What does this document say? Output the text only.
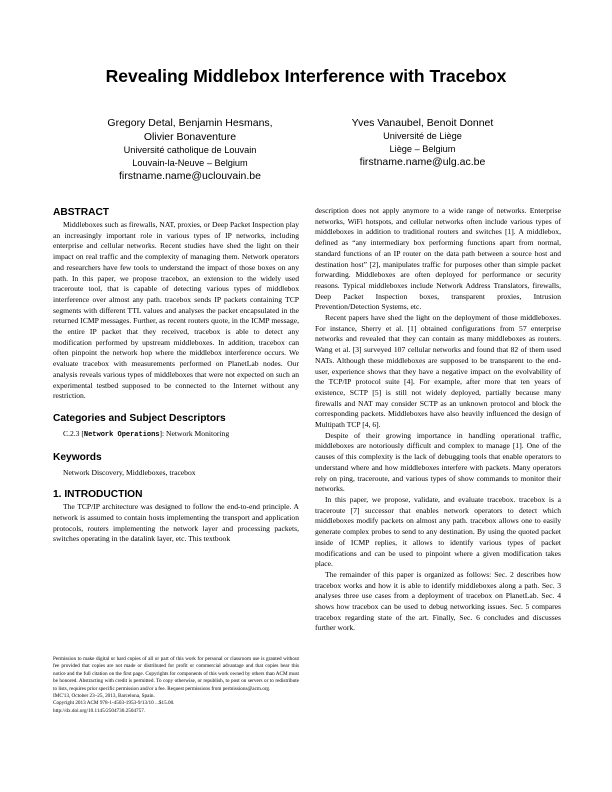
Revealing Middlebox Interference with Tracebox
Gregory Detal, Benjamin Hesmans,
Olivier Bonaventure
Université catholique de Louvain
Louvain-la-Neuve – Belgium
firstname.name@uclouvain.be
Yves Vanaubel, Benoit Donnet
Université de Liège
Liège – Belgium
firstname.name@ulg.ac.be
ABSTRACT

Middleboxes such as firewalls, NAT, proxies, or Deep Packet Inspection play an increasingly important role in various types of IP networks, including enterprise and cellular networks. Recent studies have shed the light on their impact on real traffic and the complexity of managing them. Network operators and researchers have few tools to understand the impact of those boxes on any path. In this paper, we propose tracebox, an extension to the widely used traceroute tool, that is capable of detecting various types of middlebox interference over almost any path. tracebox sends IP packets containing TCP segments with different TTL values and analyses the packet encapsulated in the returned ICMP messages. Further, as recent routers quote, in the ICMP message, the entire IP packet that they received, tracebox is able to detect any modification performed by upstream middleboxes. In addition, tracebox can often pinpoint the network hop where the middlebox interference occurs. We evaluate tracebox with measurements performed on PlanetLab nodes. Our analysis reveals various types of middleboxes that were not expected on such an experimental testbed supposed to be connected to the Internet without any restriction.

Categories and Subject Descriptors
C.2.3 [Network Operations]: Network Monitoring
Keywords
Network Discovery, Middleboxes, tracebox
1. INTRODUCTION

The TCP/IP architecture was designed to follow the end-to-end principle. A network is assumed to contain hosts implementing the transport and application protocols, routers implementing the network layer and processing packets, switches operating in the datalink layer, etc. This textbook

Permission to make digital or hard copies of all or part of this work for personal or classroom use is granted without fee provided that copies are not made or distributed for profit or commercial advantage and that copies bear this notice and the full citation on the first page. Copyrights for components of this work owned by others than ACM must be honored. Abstracting with credit is permitted. To copy otherwise, or republish, to post on servers or to redistribute to lists, requires prior specific permission and/or a fee. Request permissions from permissions@acm.org.

IMC'13, October 23–25, 2013, Barcelona, Spain.

Copyright 2013 ACM 978-1-4503-1953-9/13/10 ...$15.00.

http://dx.doi.org/10.1145/2504730.2504757.

description does not apply anymore to a wide range of networks. Enterprise networks, WiFi hotspots, and cellular networks often include various types of middleboxes in addition to traditional routers and switches [1]. A middlebox, defined as “any intermediary box performing functions apart from normal, standard functions of an IP router on the data path between a source host and destination host” [2], manipulates traffic for purposes other than simple packet forwarding. Middleboxes are often deployed for performance or security reasons. Typical middleboxes include Network Address Translators, firewalls, Deep Packet Inspection boxes, transparent proxies, Intrusion Prevention/Detection Systems, etc.

Recent papers have shed the light on the deployment of those middleboxes. For instance, Sherry et al. [1] obtained configurations from 57 enterprise networks and revealed that they can contain as many middleboxes as routers. Wang et al. [3] surveyed 107 cellular networks and found that 82 of them used NATs. Although these middleboxes are supposed to be transparent to the end-user, experience shows that they have a negative impact on the evolvability of the TCP/IP protocol suite [4]. For example, after more that ten years of existence, SCTP [5] is still not widely deployed, partially because many firewalls and NAT may consider SCTP as an unknown protocol and block the corresponding packets. Middleboxes have also heavily influenced the design of Multipath TCP [4, 6].

Despite of their growing importance in handling operational traffic, middleboxes are notoriously difficult and complex to manage [1]. One of the causes of this complexity is the lack of debugging tools that enable operators to understand where and how middleboxes interfere with packets. Many operators rely on ping, traceroute, and various types of show commands to monitor their networks.

In this paper, we propose, validate, and evaluate tracebox. tracebox is a traceroute [7] successor that enables network operators to detect which middleboxes modify packets on almost any path. tracebox allows one to easily generate complex probes to send to any destination. By using the quoted packet inside of ICMP replies, it allows to identify various types of packet modifications and can be used to pinpoint where a given modification takes place.

The remainder of this paper is organized as follows: Sec. 2 describes how tracebox works and how it is able to identify middleboxes along a path. Sec. 3 analyses three use cases from a deployment of tracebox on PlanetLab. Sec. 4 shows how tracebox can be used to debug networking issues. Sec. 5 compares tracebox regarding state of the art. Finally, Sec. 6 concludes and discusses further work.
